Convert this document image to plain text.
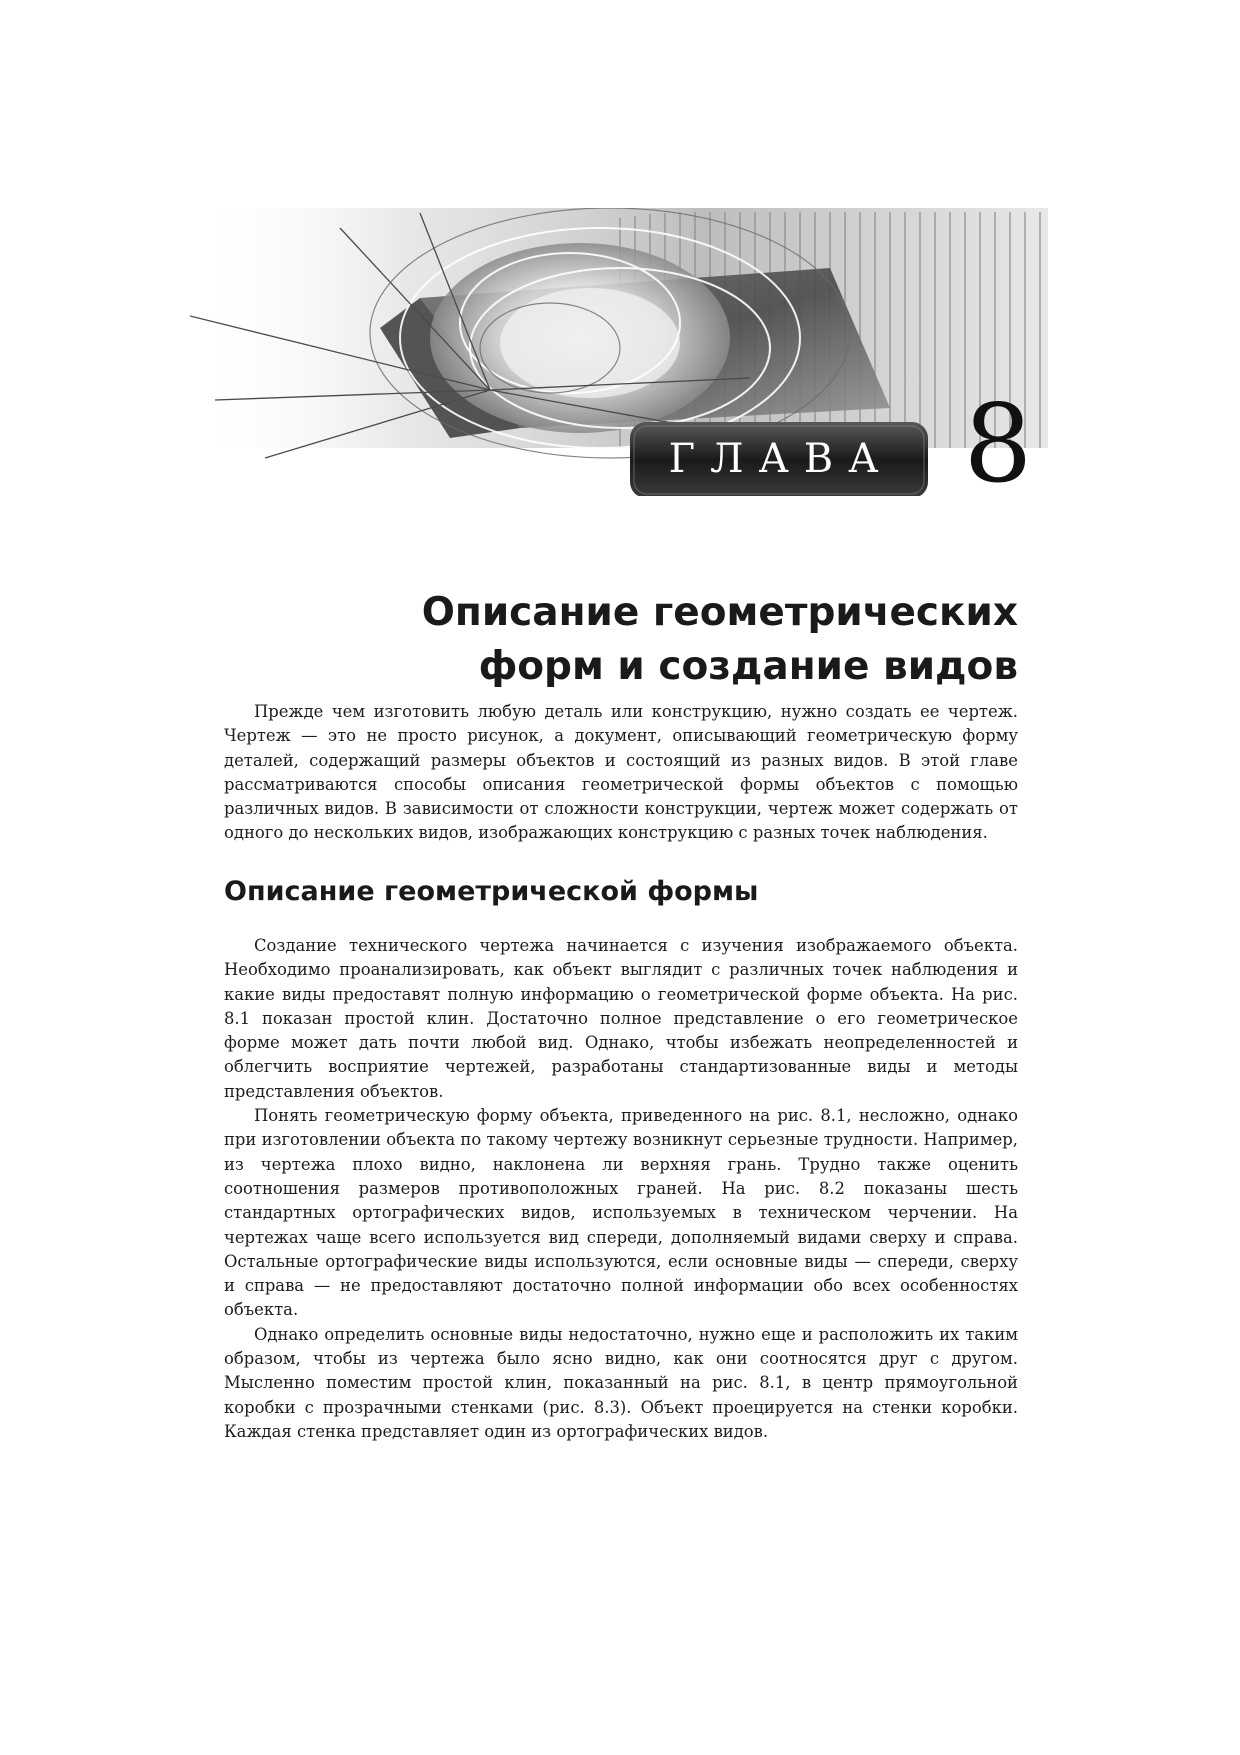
ГЛАВА 8
Описание геометрических
форм и создание видов

Прежде чем изготовить любую деталь или конструкцию, нужно создать ее чертеж. Чертеж — это не просто рисунок, а документ, описывающий геометрическую форму деталей, содержащий размеры объектов и состоящий из разных видов. В этой главе рассматриваются способы описания геометрической формы объектов с помощью различных видов. В зависимости от сложности конструкции, чертеж может содержать от одного до нескольких видов, изображающих конструкцию с разных точек наблюдения.

Описание геометрической формы

Создание технического чертежа начинается с изучения изображаемого объекта. Необходимо проанализировать, как объект выглядит с различных точек наблюдения и какие виды предоставят полную информацию о геометрической форме объекта. На рис. 8.1 показан простой клин. Достаточно полное представление о его геометрическое форме может дать почти любой вид. Однако, чтобы избежать неопределенностей и облегчить восприятие чертежей, разработаны стандартизованные виды и методы представления объектов.

Понять геометрическую форму объекта, приведенного на рис. 8.1, несложно, однако при изготовлении объекта по такому чертежу возникнут серьезные трудности. Например, из чертежа плохо видно, наклонена ли верхняя грань. Трудно также оценить соотношения размеров противоположных граней. На рис. 8.2 показаны шесть стандартных ортографических видов, используемых в техническом черчении. На чертежах чаще всего используется вид спереди, дополняемый видами сверху и справа. Остальные ортографические виды используются, если основные виды — спереди, сверху и справа — не предоставляют достаточно полной информации обо всех особенностях объекта.

Однако определить основные виды недостаточно, нужно еще и расположить их таким образом, чтобы из чертежа было ясно видно, как они соотносятся друг с другом. Мысленно поместим простой клин, показанный на рис. 8.1, в центр прямоугольной коробки с прозрачными стенками (рис. 8.3). Объект проецируется на стенки коробки. Каждая стенка представляет один из ортографических видов.
